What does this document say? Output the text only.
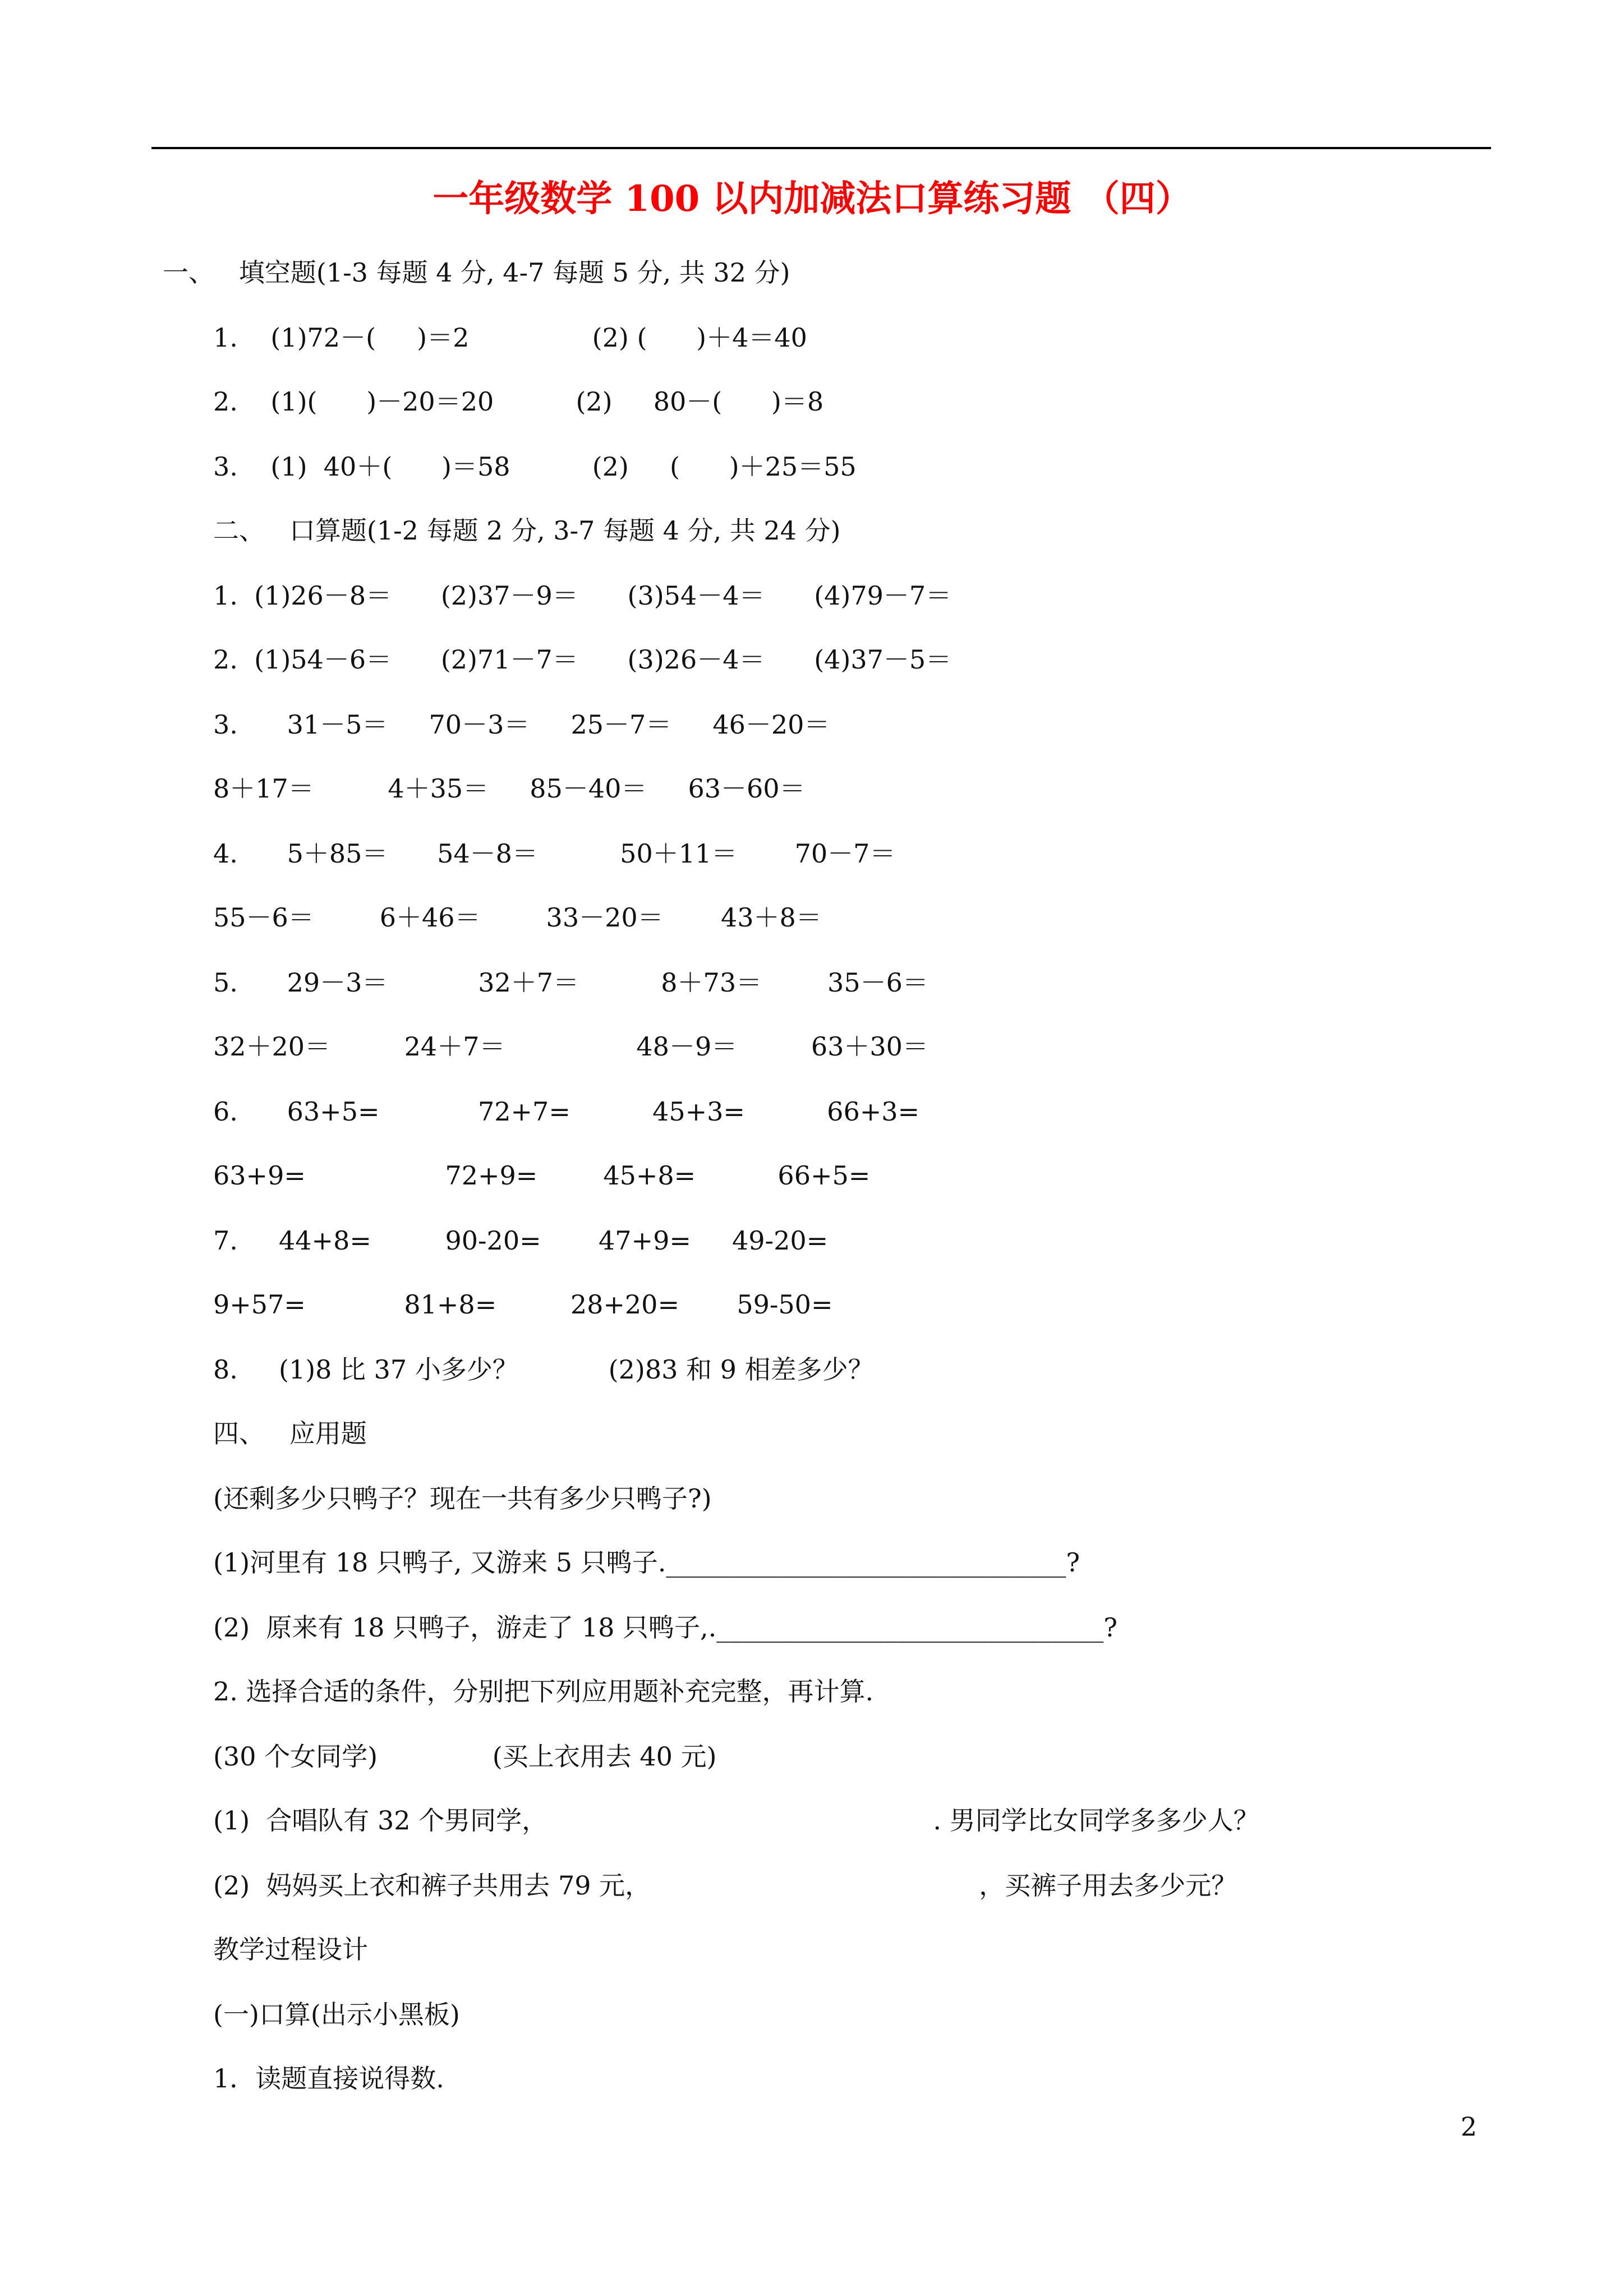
一年级数学 100 以内加减法口算练习题 （四）
一、   填空题(1-3 每题 4 分, 4-7 每题 5 分, 共 32 分)
1.    (1)72－(     )＝2               (2) (      )＋4＝40
2.    (1)(      )－20＝20          (2)     80－(      )＝8
3.    (1)  40＋(      )＝58          (2)     (      )＋25＝55
二、   口算题(1-2 每题 2 分, 3-7 每题 4 分, 共 24 分)
1.  (1)26－8＝      (2)37－9＝      (3)54－4＝      (4)79－7＝
2.  (1)54－6＝      (2)71－7＝      (3)26－4＝      (4)37－5＝
3.      31－5＝     70－3＝     25－7＝     46－20＝
8＋17＝         4＋35＝     85－40＝     63－60＝
4.      5＋85＝      54－8＝          50＋11＝       70－7＝
55－6＝        6＋46＝        33－20＝       43＋8＝
5.      29－3＝           32＋7＝          8＋73＝        35－6＝
32＋20＝         24＋7＝                48－9＝         63＋30＝
6.      63+5=            72+7=          45+3=          66+3=
63+9=                 72+9=        45+8=          66+5=
7.     44+8=         90-20=       47+9=     49-20=
9+57=            81+8=         28+20=       59-50=
8.     (1)8 比 37 小多少？           (2)83 和 9 相差多少？
四、   应用题
(还剩多少只鸭子？现在一共有多少只鸭子?)
(1)河里有 18 只鸭子, 又游来 5 只鸭子._______________________________?
(2)  原来有 18 只鸭子，游走了 18 只鸭子,.______________________________?
2. 选择合适的条件，分别把下列应用题补充完整，再计算.
(30 个女同学)              (买上衣用去 40 元)
(1)  合唱队有 32 个男同学，                                               . 男同学比女同学多多少人？
(2)  妈妈买上衣和裤子共用去 79 元，                                        ，买裤子用去多少元？
教学过程设计
(一)口算(出示小黑板)
1．读题直接说得数.
2
